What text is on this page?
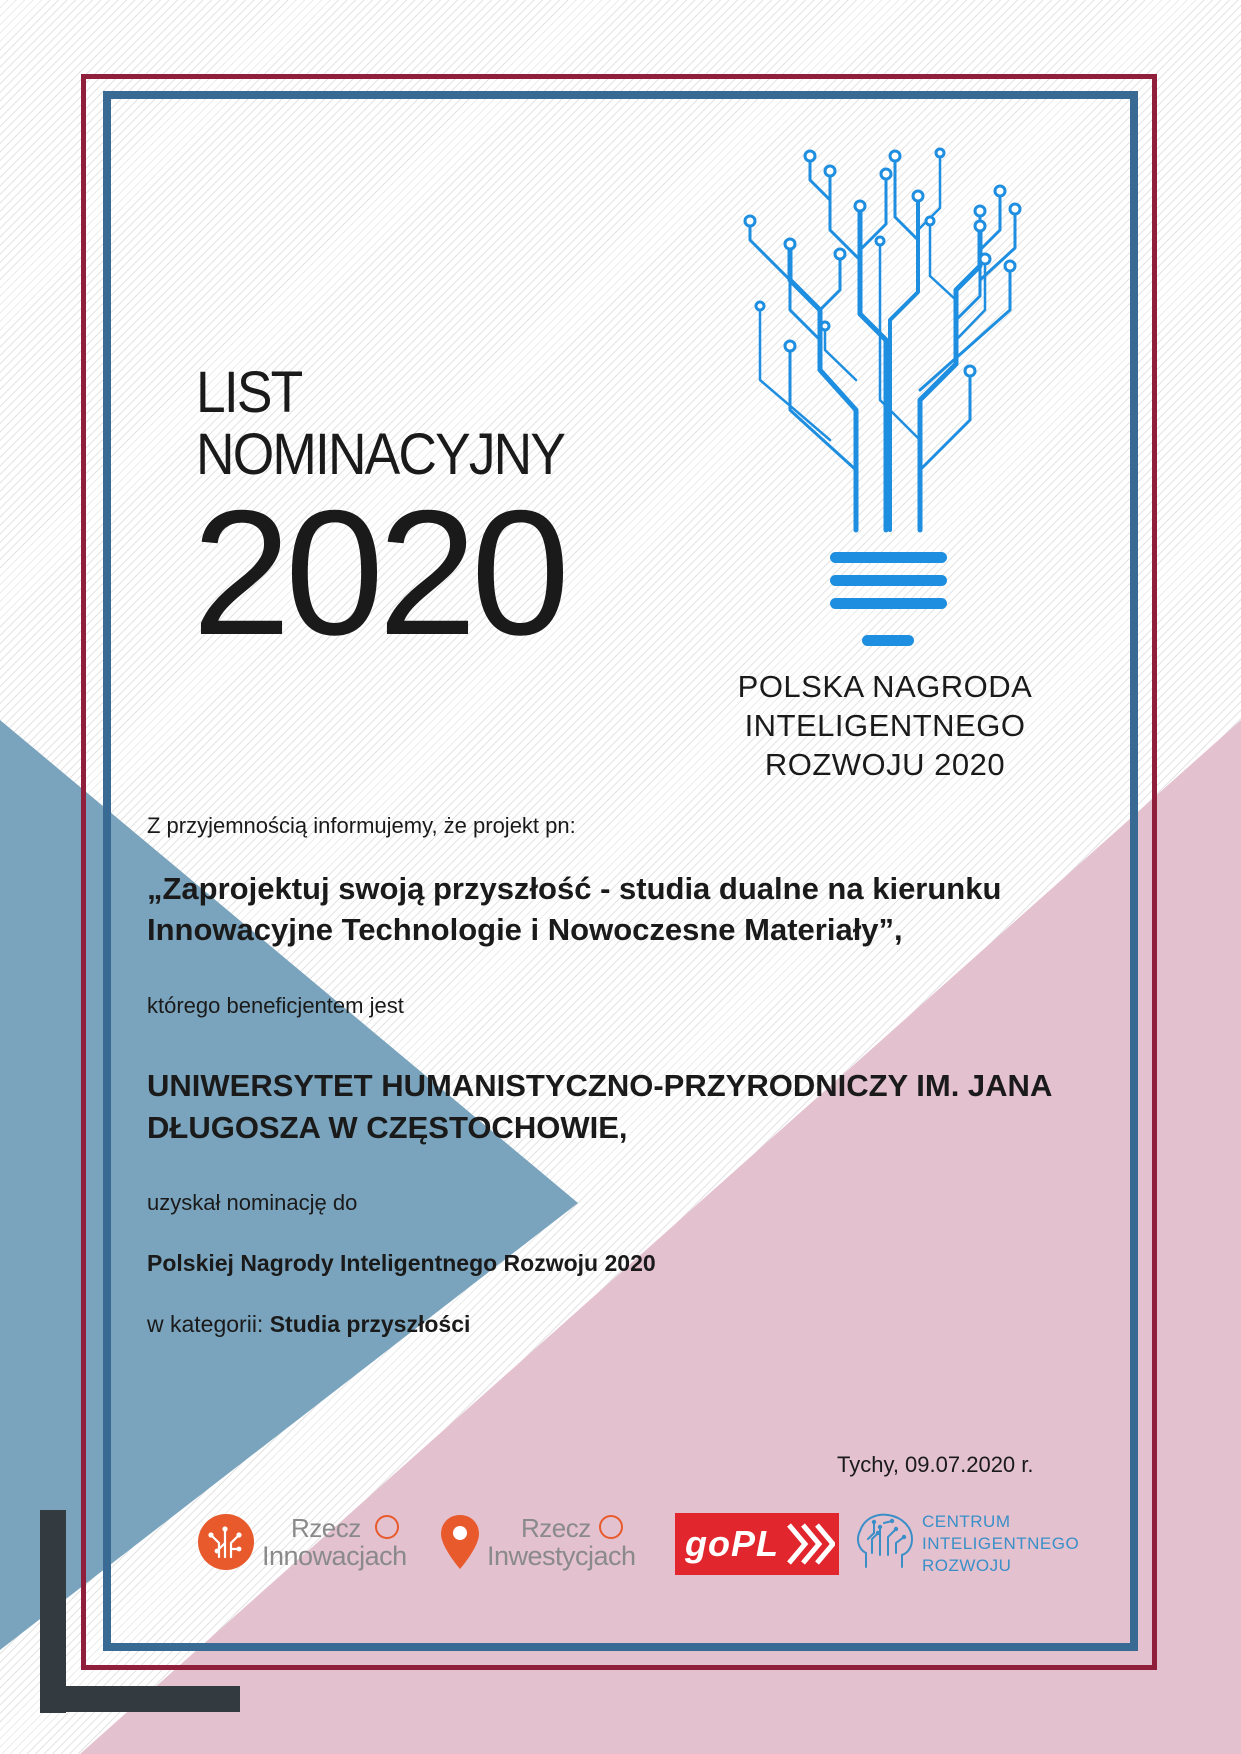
LIST
NOMINACYJNY
2020
POLSKA NAGRODA
INTELIGENTNEGO
ROZWOJU 2020
Z przyjemnością informujemy, że projekt pn:
„Zaprojektuj swoją przyszłość - studia dualne na kierunku
Innowacyjne Technologie i Nowoczesne Materiały”,
którego beneficjentem jest
UNIWERSYTET HUMANISTYCZNO-PRZYRODNICZY IM. JANA
DŁUGOSZA W CZĘSTOCHOWIE,
uzyskał nominację do
Polskiej Nagrody Inteligentnego Rozwoju 2020
w kategorii: Studia przyszłości
Tychy, 09.07.2020 r.
Rzecz
Innowacjach
Rzecz
Inwestycjach goPL
CENTRUM
INTELIGENTNEGO
ROZWOJU
